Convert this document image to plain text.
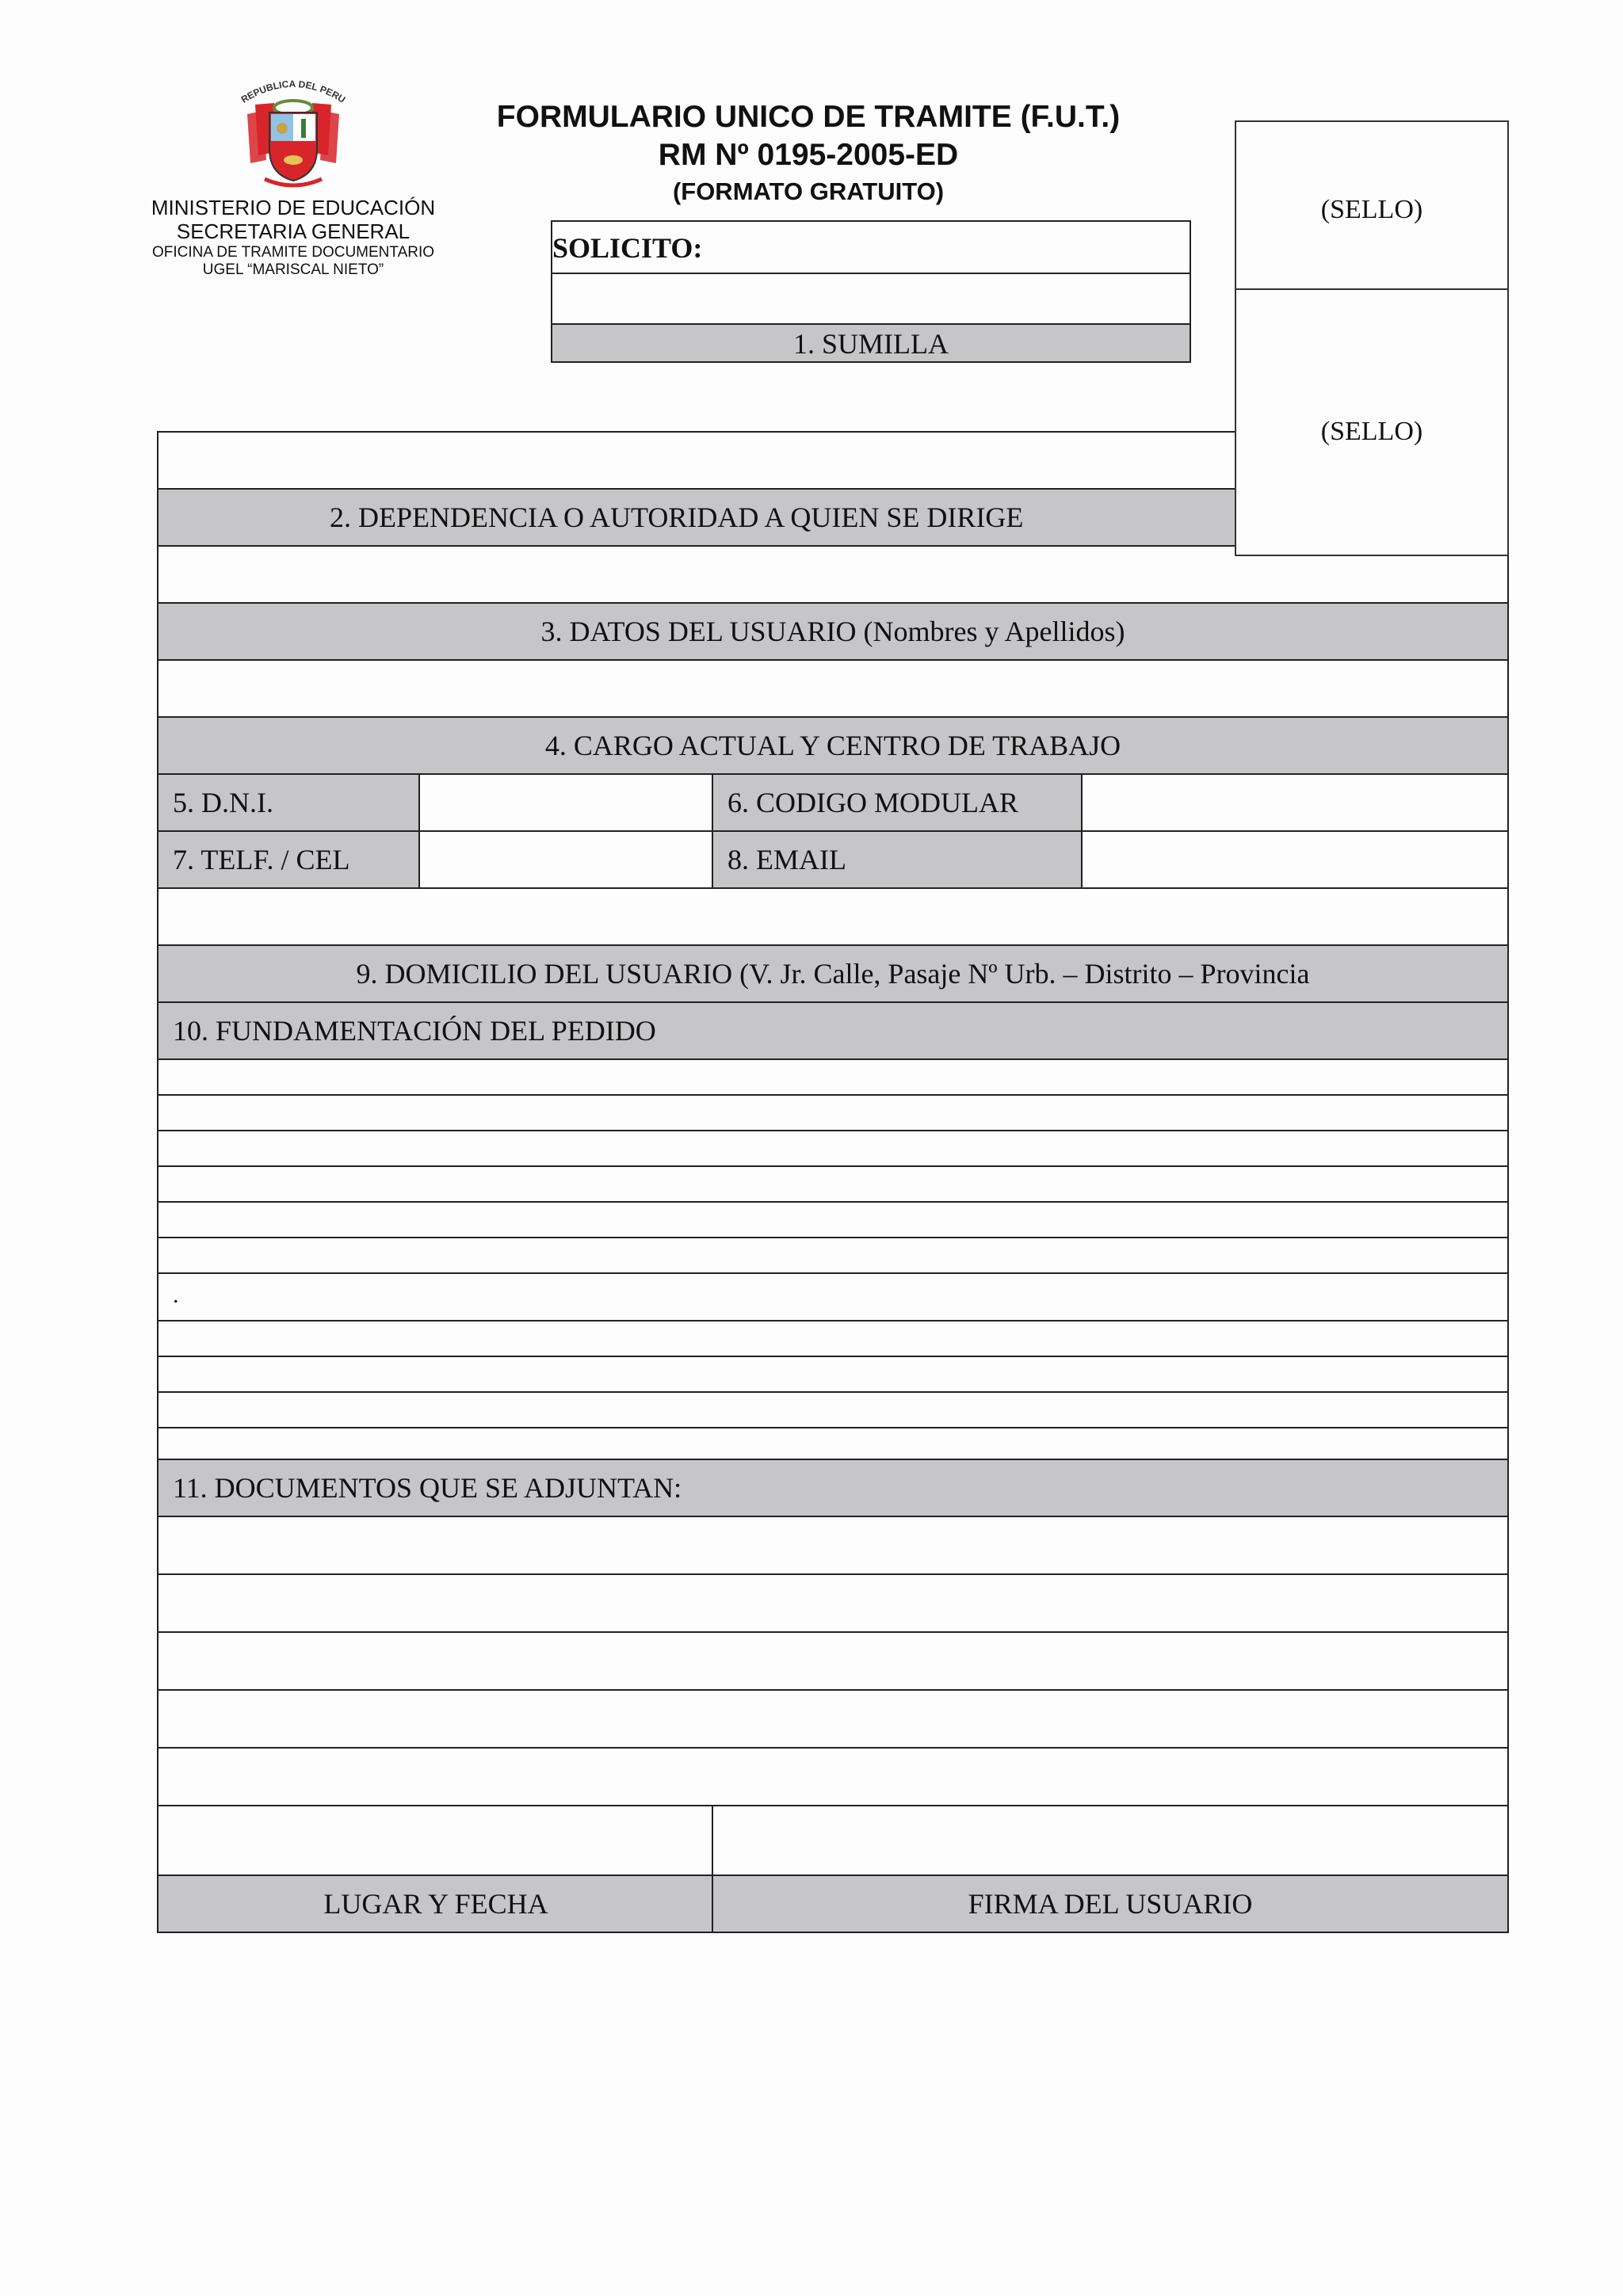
REPUBLICA DEL PERU
MINISTERIO DE EDUCACIÓN
SECRETARIA GENERAL
OFICINA DE TRAMITE DOCUMENTARIO
UGEL “MARISCAL NIETO”
FORMULARIO UNICO DE TRAMITE (F.U.T.)
RM Nº 0195-2005-ED
(FORMATO GRATUITO)
SOLICITO:
1. SUMILLA
(SELLO)
(SELLO)
2. DEPENDENCIA O AUTORIDAD A QUIEN SE DIRIGE
3. DATOS DEL USUARIO (Nombres y Apellidos)
4. CARGO ACTUAL Y CENTRO DE TRABAJO
5. D.N.I.	6. CODIGO MODULAR
7. TELF. / CEL	8. EMAIL
9. DOMICILIO DEL USUARIO (V. Jr. Calle, Pasaje Nº Urb. – Distrito – Provincia
10. FUNDAMENTACIÓN DEL PEDIDO
.
11. DOCUMENTOS QUE SE ADJUNTAN:
LUGAR Y FECHA	FIRMA DEL USUARIO
